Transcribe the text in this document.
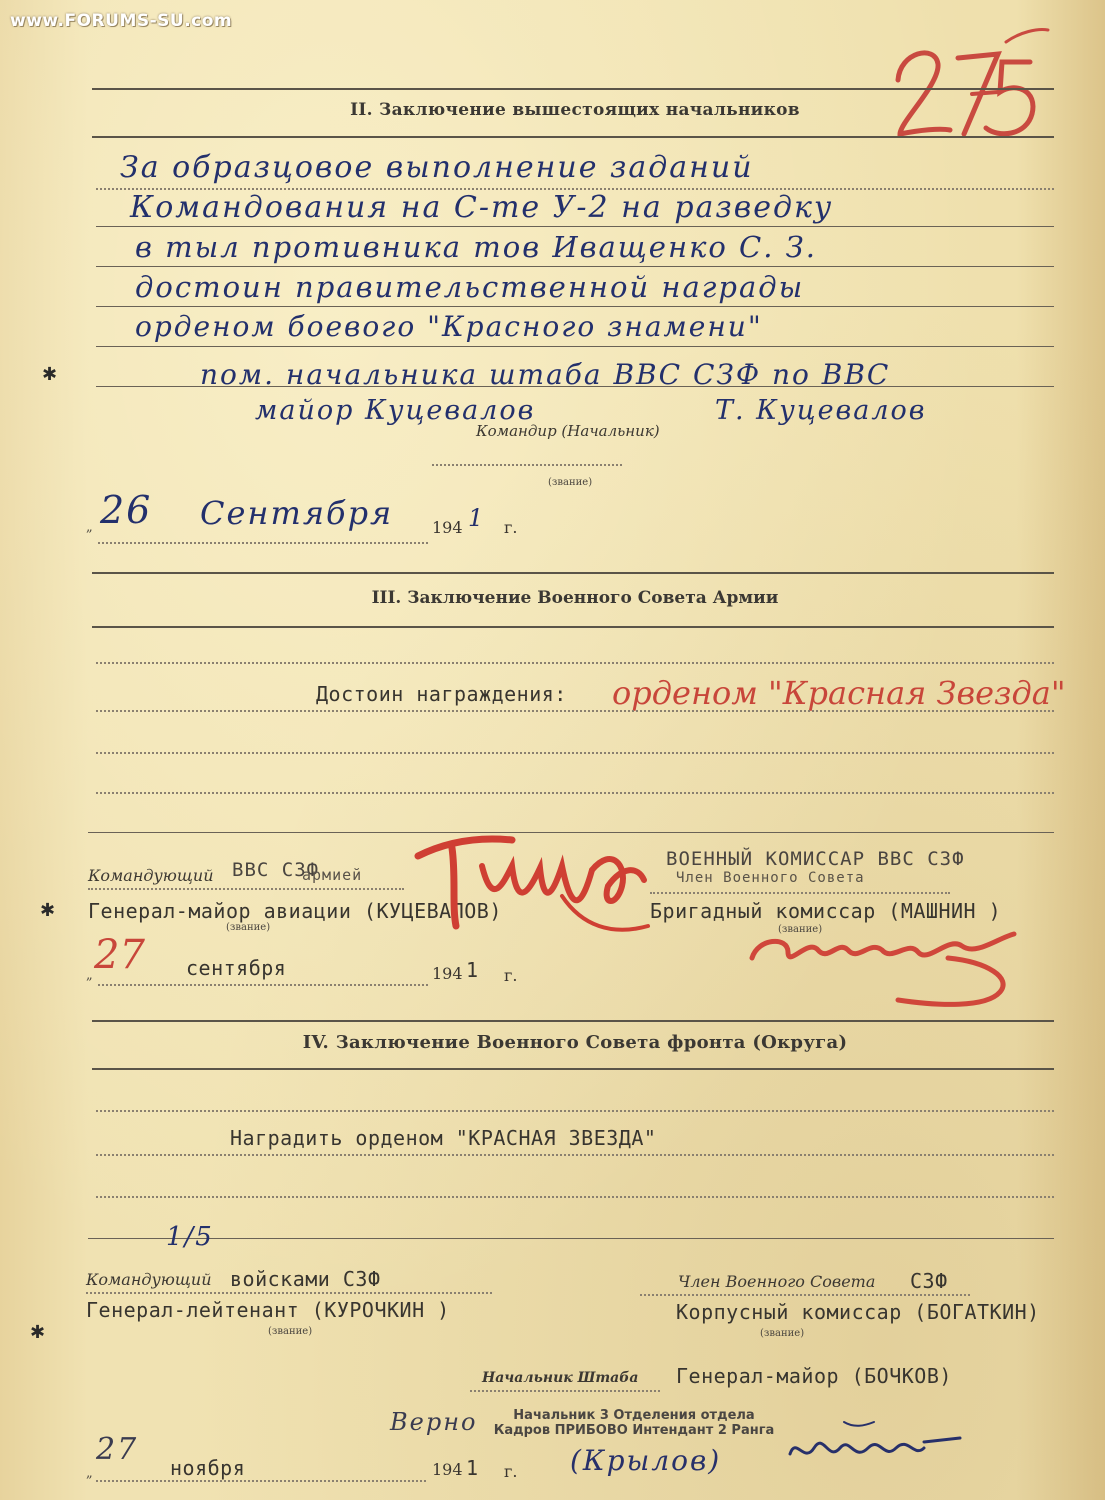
www.FORUMS-SU.com
II. Заключение вышестоящих начальников
За образцовое выполнение заданий
Командования на С-те У-2 на разведку
в тыл противника тов Иващенко С. З.
достоин правительственной награды
орденом боевого "Красного знамени"
пом. начальника штаба ВВС СЗФ по ВВС
майор Куцевалов	Т. Куцевалов
Командир (Начальник)
(звание)
„ 26 Сентября 194 1 г.
III. Заключение Военного Совета Армии
Достоин награждения: орденом "Красная Звезда"
Командующий ВВС СЗФ
армией
Генерал-майор авиации (КУЦЕВАЛОВ)
(звание)
ВОЕННЫЙ КОМИССАР ВВС СЗФ
Член Военного Совета
Бригадный комиссар (МАШНИН )
(звание)
„ 27 сентября	194 1 г.
IV. Заключение Военного Совета фронта (Округа)
Наградить орденом "КРАСНАЯ ЗВЕЗДА"
1/5
Командующий войсками СЗФ
Генерал-лейтенант (КУРОЧКИН )
(звание)
Член Военного Совета СЗФ
Корпусный комиссар (БОГАТКИН)
(звание)
Начальник Штаба Генерал-майор (БОЧКОВ)
Начальник 3 Отделения отдела
Кадров ПРИБОВО Интендант 2 Ранга
Верно
(Крылов)
„
27
ноября	194 1 г.
✱
✱
✱
